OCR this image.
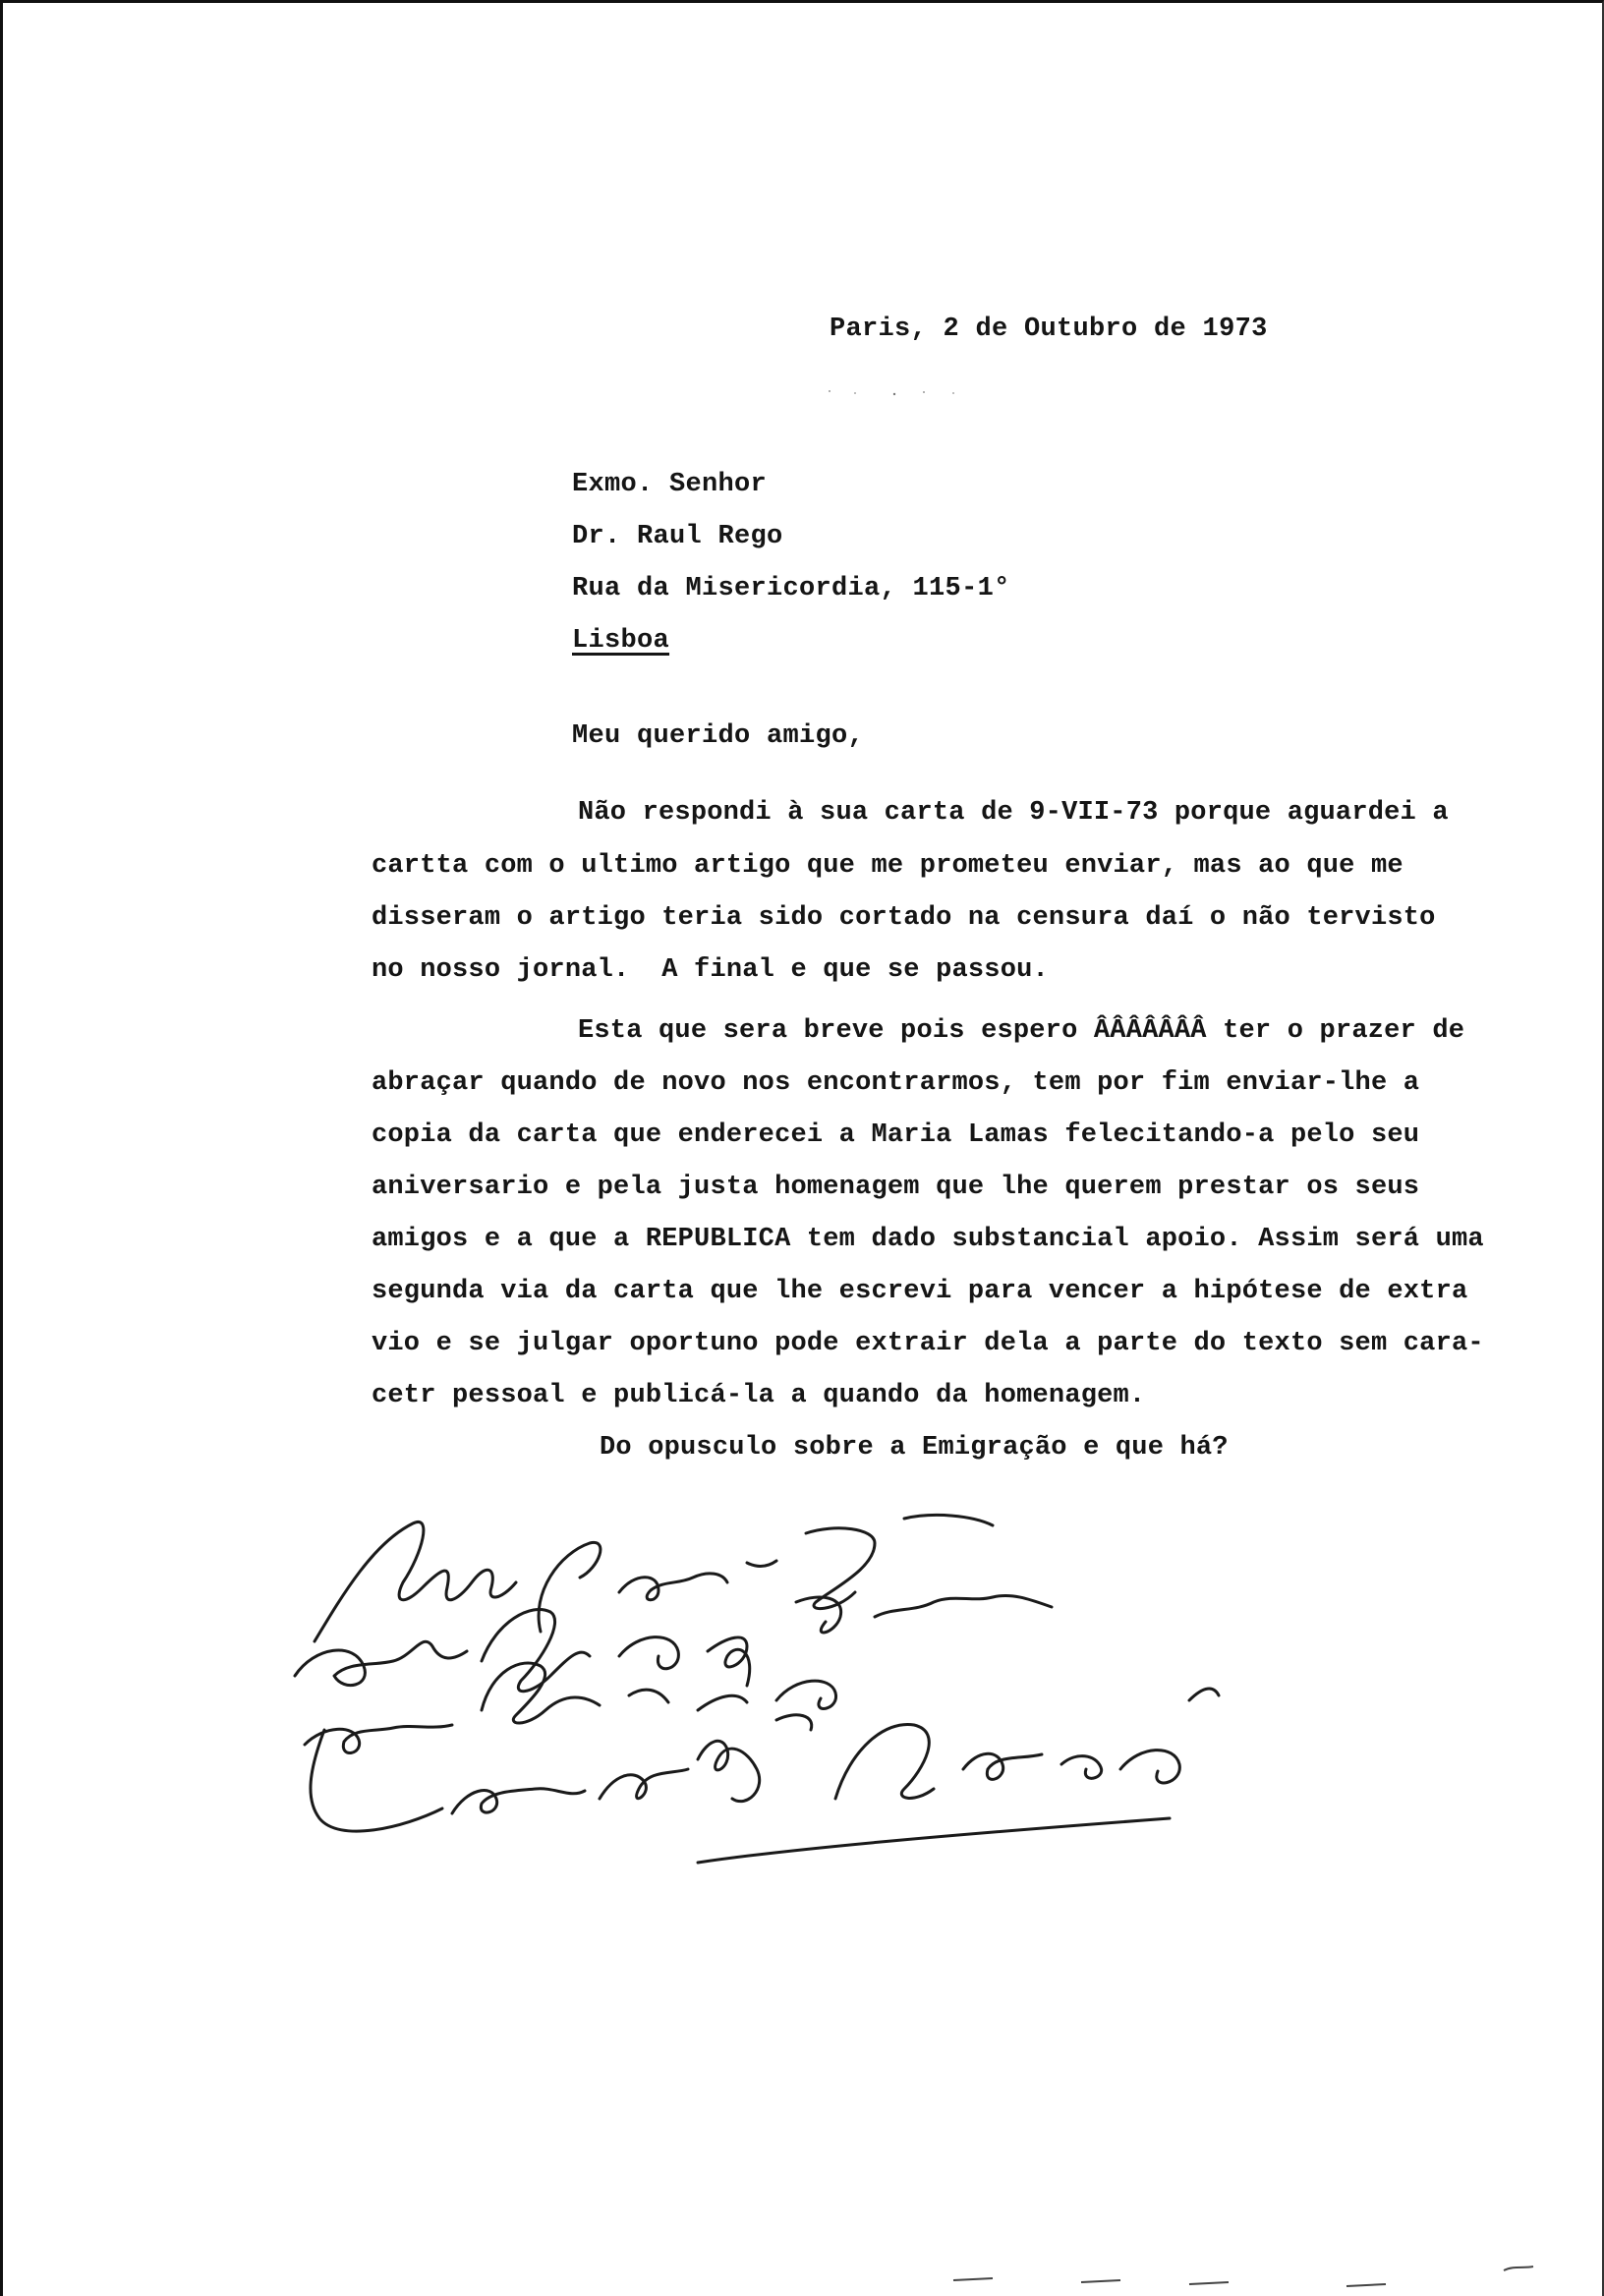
Paris, 2 de Outubro de 1973
Exmo. Senhor
Dr. Raul Rego
Rua da Misericordia, 115-1°
Lisboa
Meu querido amigo,
Não respondi à sua carta de 9-VII-73 porque aguardei a
cartta com o ultimo artigo que me prometeu enviar, mas ao que me
disseram o artigo teria sido cortado na censura daí o não tervisto
no nosso jornal.  A final e que se passou.
Esta que sera breve pois espero ÂÂÂÂÂÂÂ ter o prazer de
abraçar quando de novo nos encontrarmos, tem por fim enviar-lhe a
copia da carta que enderecei a Maria Lamas felecitando-a pelo seu
aniversario e pela justa homenagem que lhe querem prestar os seus
amigos e a que a REPUBLICA tem dado substancial apoio. Assim será uma
segunda via da carta que lhe escrevi para vencer a hipótese de extra
vio e se julgar oportuno pode extrair dela a parte do texto sem cara-
cetr pessoal e publicá-la a quando da homenagem.
Do opusculo sobre a Emigração e que há?
